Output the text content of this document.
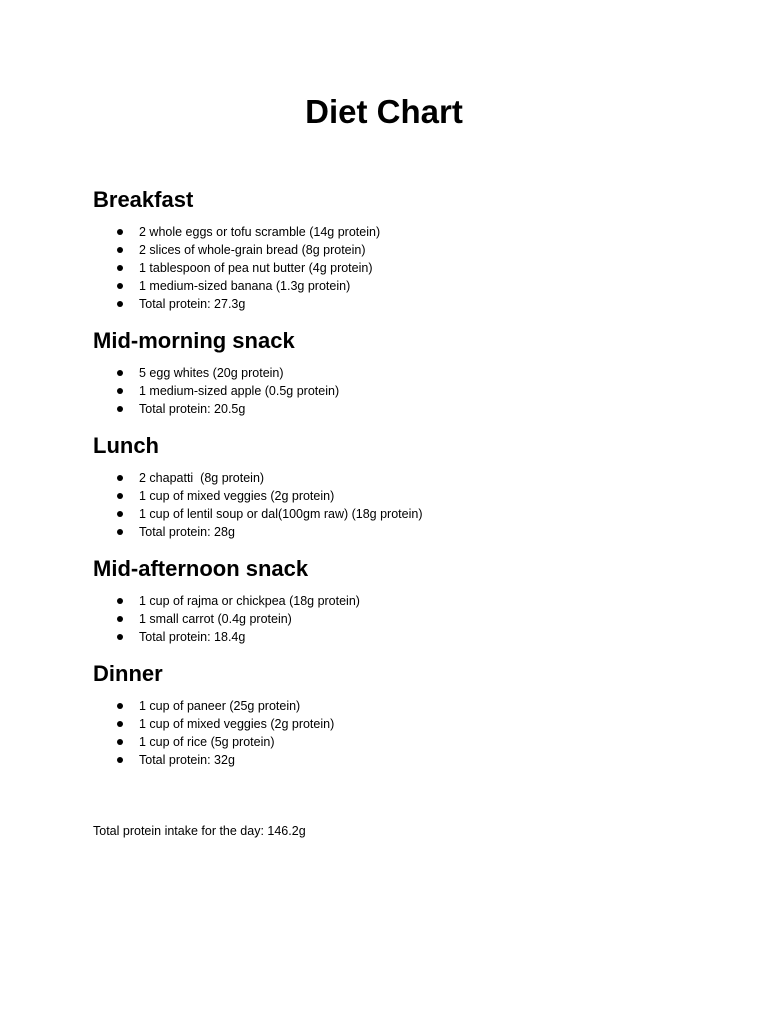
Diet Chart
Breakfast
2 whole eggs or tofu scramble (14g protein)
2 slices of whole-grain bread (8g protein)
1 tablespoon of pea nut butter (4g protein)
1 medium-sized banana (1.3g protein)
Total protein: 27.3g
Mid-morning snack
5 egg whites (20g protein)
1 medium-sized apple (0.5g protein)
Total protein: 20.5g
Lunch
2 chapatti  (8g protein)
1 cup of mixed veggies (2g protein)
1 cup of lentil soup or dal(100gm raw) (18g protein)
Total protein: 28g
Mid-afternoon snack
1 cup of rajma or chickpea (18g protein)
1 small carrot (0.4g protein)
Total protein: 18.4g
Dinner
1 cup of paneer (25g protein)
1 cup of mixed veggies (2g protein)
1 cup of rice (5g protein)
Total protein: 32g
Total protein intake for the day: 146.2g
